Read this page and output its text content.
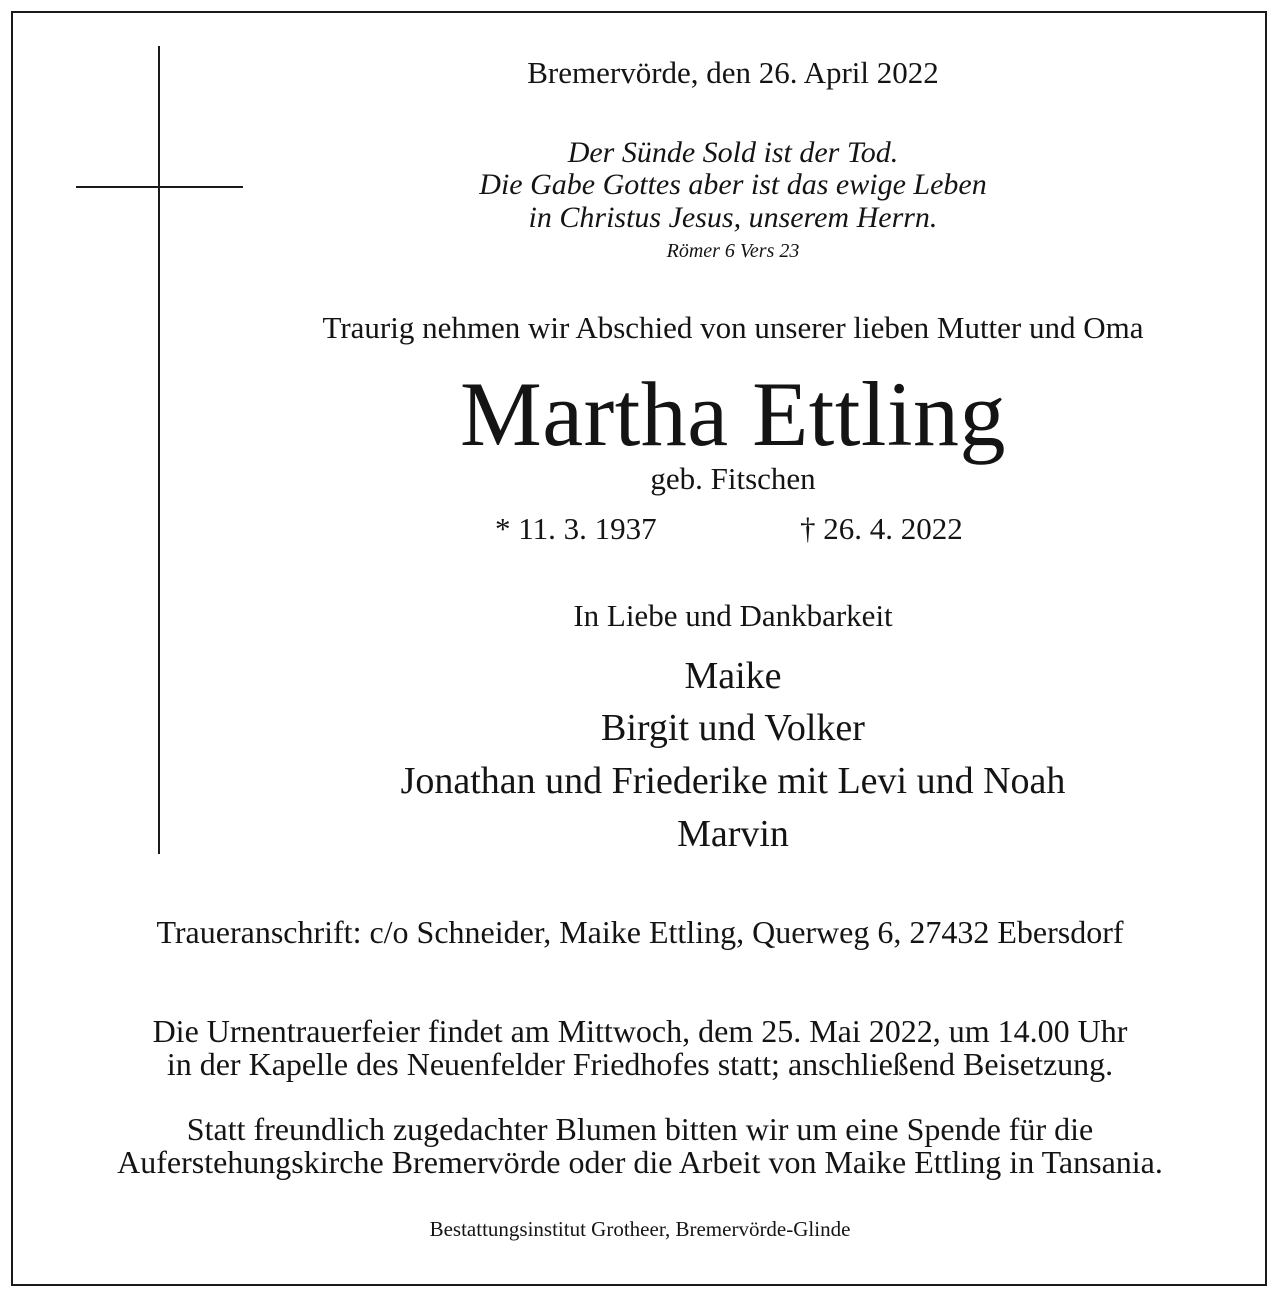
Bremervörde, den 26. April 2022
Der Sünde Sold ist der Tod.
Die Gabe Gottes aber ist das ewige Leben
in Christus Jesus, unserem Herrn.
Römer 6 Vers 23
Traurig nehmen wir Abschied von unserer lieben Mutter und Oma
Martha Ettling
geb. Fitschen
* 11. 3. 1937	† 26. 4. 2022
In Liebe und Dankbarkeit
Maike
Birgit und Volker
Jonathan und Friederike mit Levi und Noah
Marvin
Traueranschrift: c/o Schneider, Maike Ettling, Querweg 6, 27432 Ebersdorf
Die Urnentrauerfeier findet am Mittwoch, dem 25. Mai 2022, um 14.00 Uhr
in der Kapelle des Neuenfelder Friedhofes statt; anschließend Beisetzung.
Statt freundlich zugedachter Blumen bitten wir um eine Spende für die
Auferstehungskirche Bremervörde oder die Arbeit von Maike Ettling in Tansania.
Bestattungsinstitut Grotheer, Bremervörde-Glinde
